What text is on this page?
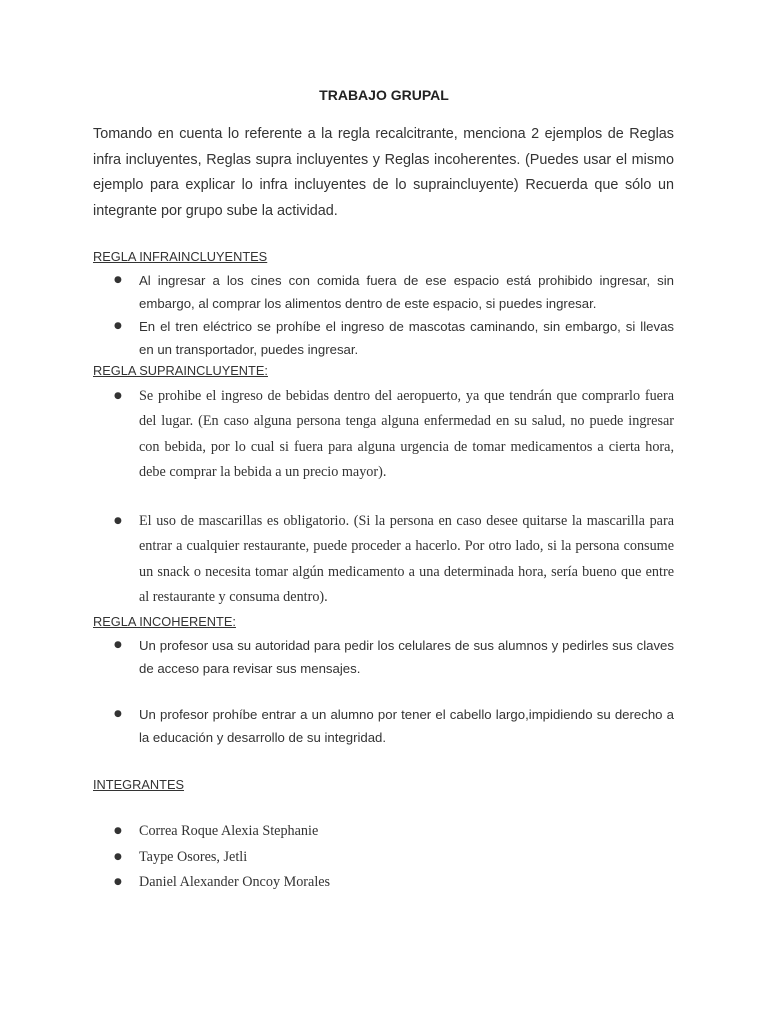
TRABAJO GRUPAL
Tomando en cuenta lo referente a la regla recalcitrante, menciona 2 ejemplos de Reglas infra incluyentes, Reglas supra incluyentes y Reglas incoherentes. (Puedes usar el mismo ejemplo para explicar lo infra incluyentes de lo supraincluyente) Recuerda que sólo un integrante por grupo sube la actividad.
REGLA INFRAINCLUYENTES
● Al ingresar a los cines con comida fuera de ese espacio está prohibido ingresar, sin embargo, al comprar los alimentos dentro de este espacio, si puedes ingresar.
● En el tren eléctrico se prohíbe el ingreso de mascotas caminando, sin embargo, si llevas en un transportador, puedes ingresar.
REGLA SUPRAINCLUYENTE:
● Se prohibe el ingreso de bebidas dentro del aeropuerto, ya que tendrán que comprarlo fuera del lugar. (En caso alguna persona tenga alguna enfermedad en su salud, no puede ingresar con bebida, por lo cual si fuera para alguna urgencia de tomar medicamentos a cierta hora, debe comprar la bebida a un precio mayor).
● El uso de mascarillas es obligatorio. (Si la persona en caso desee quitarse la mascarilla para entrar a cualquier restaurante, puede proceder a hacerlo. Por otro lado, si la persona consume un snack o necesita tomar algún medicamento a una determinada hora, sería bueno que entre al restaurante y consuma dentro).
REGLA INCOHERENTE:
● Un profesor usa su autoridad para pedir los celulares de sus alumnos y pedirles sus claves de acceso para revisar sus mensajes.
● Un profesor prohíbe entrar a un alumno por tener el cabello largo,impidiendo su derecho a la educación y desarrollo de su integridad.
INTEGRANTES
● Correa Roque Alexia Stephanie
● Taype Osores, Jetli
● Daniel Alexander Oncoy Morales
